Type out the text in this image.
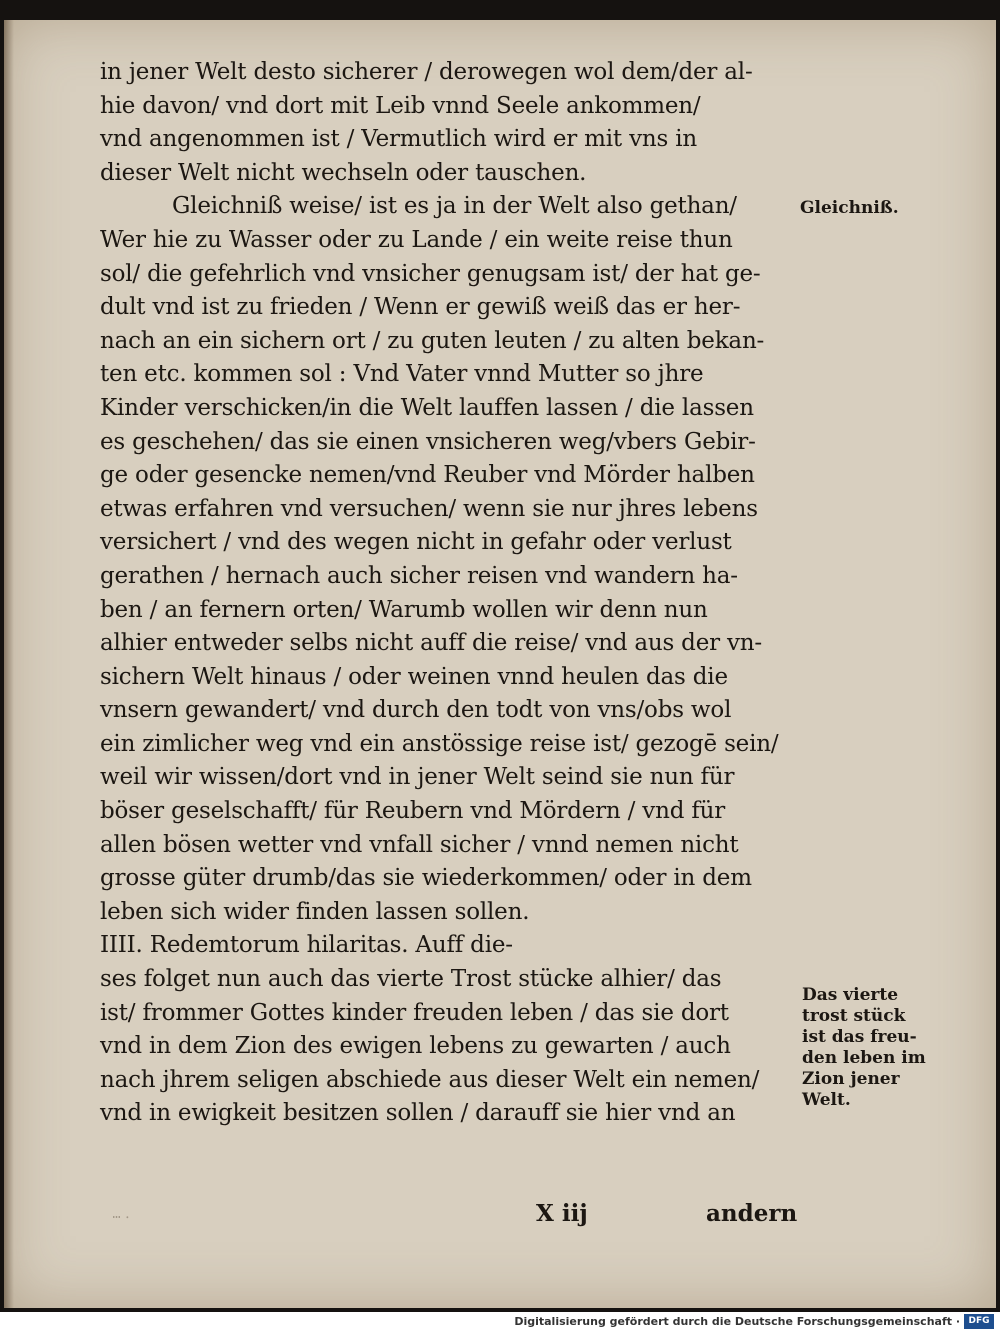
in jener Welt desto sicherer / derowegen wol dem/der al-
hie davon/ vnd dort mit Leib vnnd Seele ankommen/
vnd angenommen ist / Vermutlich wird er mit vns in
dieser Welt nicht wechseln oder tauschen.
Gleichniß weise/ ist es ja in der Welt also gethan/
Wer hie zu Wasser oder zu Lande / ein weite reise thun
sol/ die gefehrlich vnd vnsicher genugsam ist/ der hat ge-
dult vnd ist zu frieden / Wenn er gewiß weiß das er her-
nach an ein sichern ort / zu guten leuten / zu alten bekan-
ten etc. kommen sol : Vnd Vater vnnd Mutter so jhre
Kinder verschicken/in die Welt lauffen lassen / die lassen
es geschehen/ das sie einen vnsicheren weg/vbers Gebir-
ge oder gesencke nemen/vnd Reuber vnd Mörder halben
etwas erfahren vnd versuchen/ wenn sie nur jhres lebens
versichert / vnd des wegen nicht in gefahr oder verlust
gerathen / hernach auch sicher reisen vnd wandern ha-
ben / an fernern orten/ Warumb wollen wir denn nun
alhier entweder selbs nicht auff die reise/ vnd aus der vn-
sichern Welt hinaus / oder weinen vnnd heulen das die
vnsern gewandert/ vnd durch den todt von vns/obs wol
ein zimlicher weg vnd ein anstössige reise ist/ gezogē sein/
weil wir wissen/dort vnd in jener Welt seind sie nun für
böser geselschafft/ für Reubern vnd Mördern / vnd für
allen bösen wetter vnd vnfall sicher / vnnd nemen nicht
grosse güter drumb/das sie wiederkommen/ oder in dem
leben sich wider finden lassen sollen.
IIII. Redemtorum hilaritas. Auff die-
ses folget nun auch das vierte Trost stücke alhier/ das
ist/ frommer Gottes kinder freuden leben / das sie dort
vnd in dem Zion des ewigen lebens zu gewarten / auch
nach jhrem seligen abschiede aus dieser Welt ein nemen/
vnd in ewigkeit besitzen sollen / darauff sie hier vnd an
Gleichniß.
Das vierte
trost stück
ist das freu-
den leben im
Zion jener
Welt.
ⵈ ⸱	X iij	andern
Digitalisierung gefördert durch die Deutsche Forschungsgemeinschaft · DFG
